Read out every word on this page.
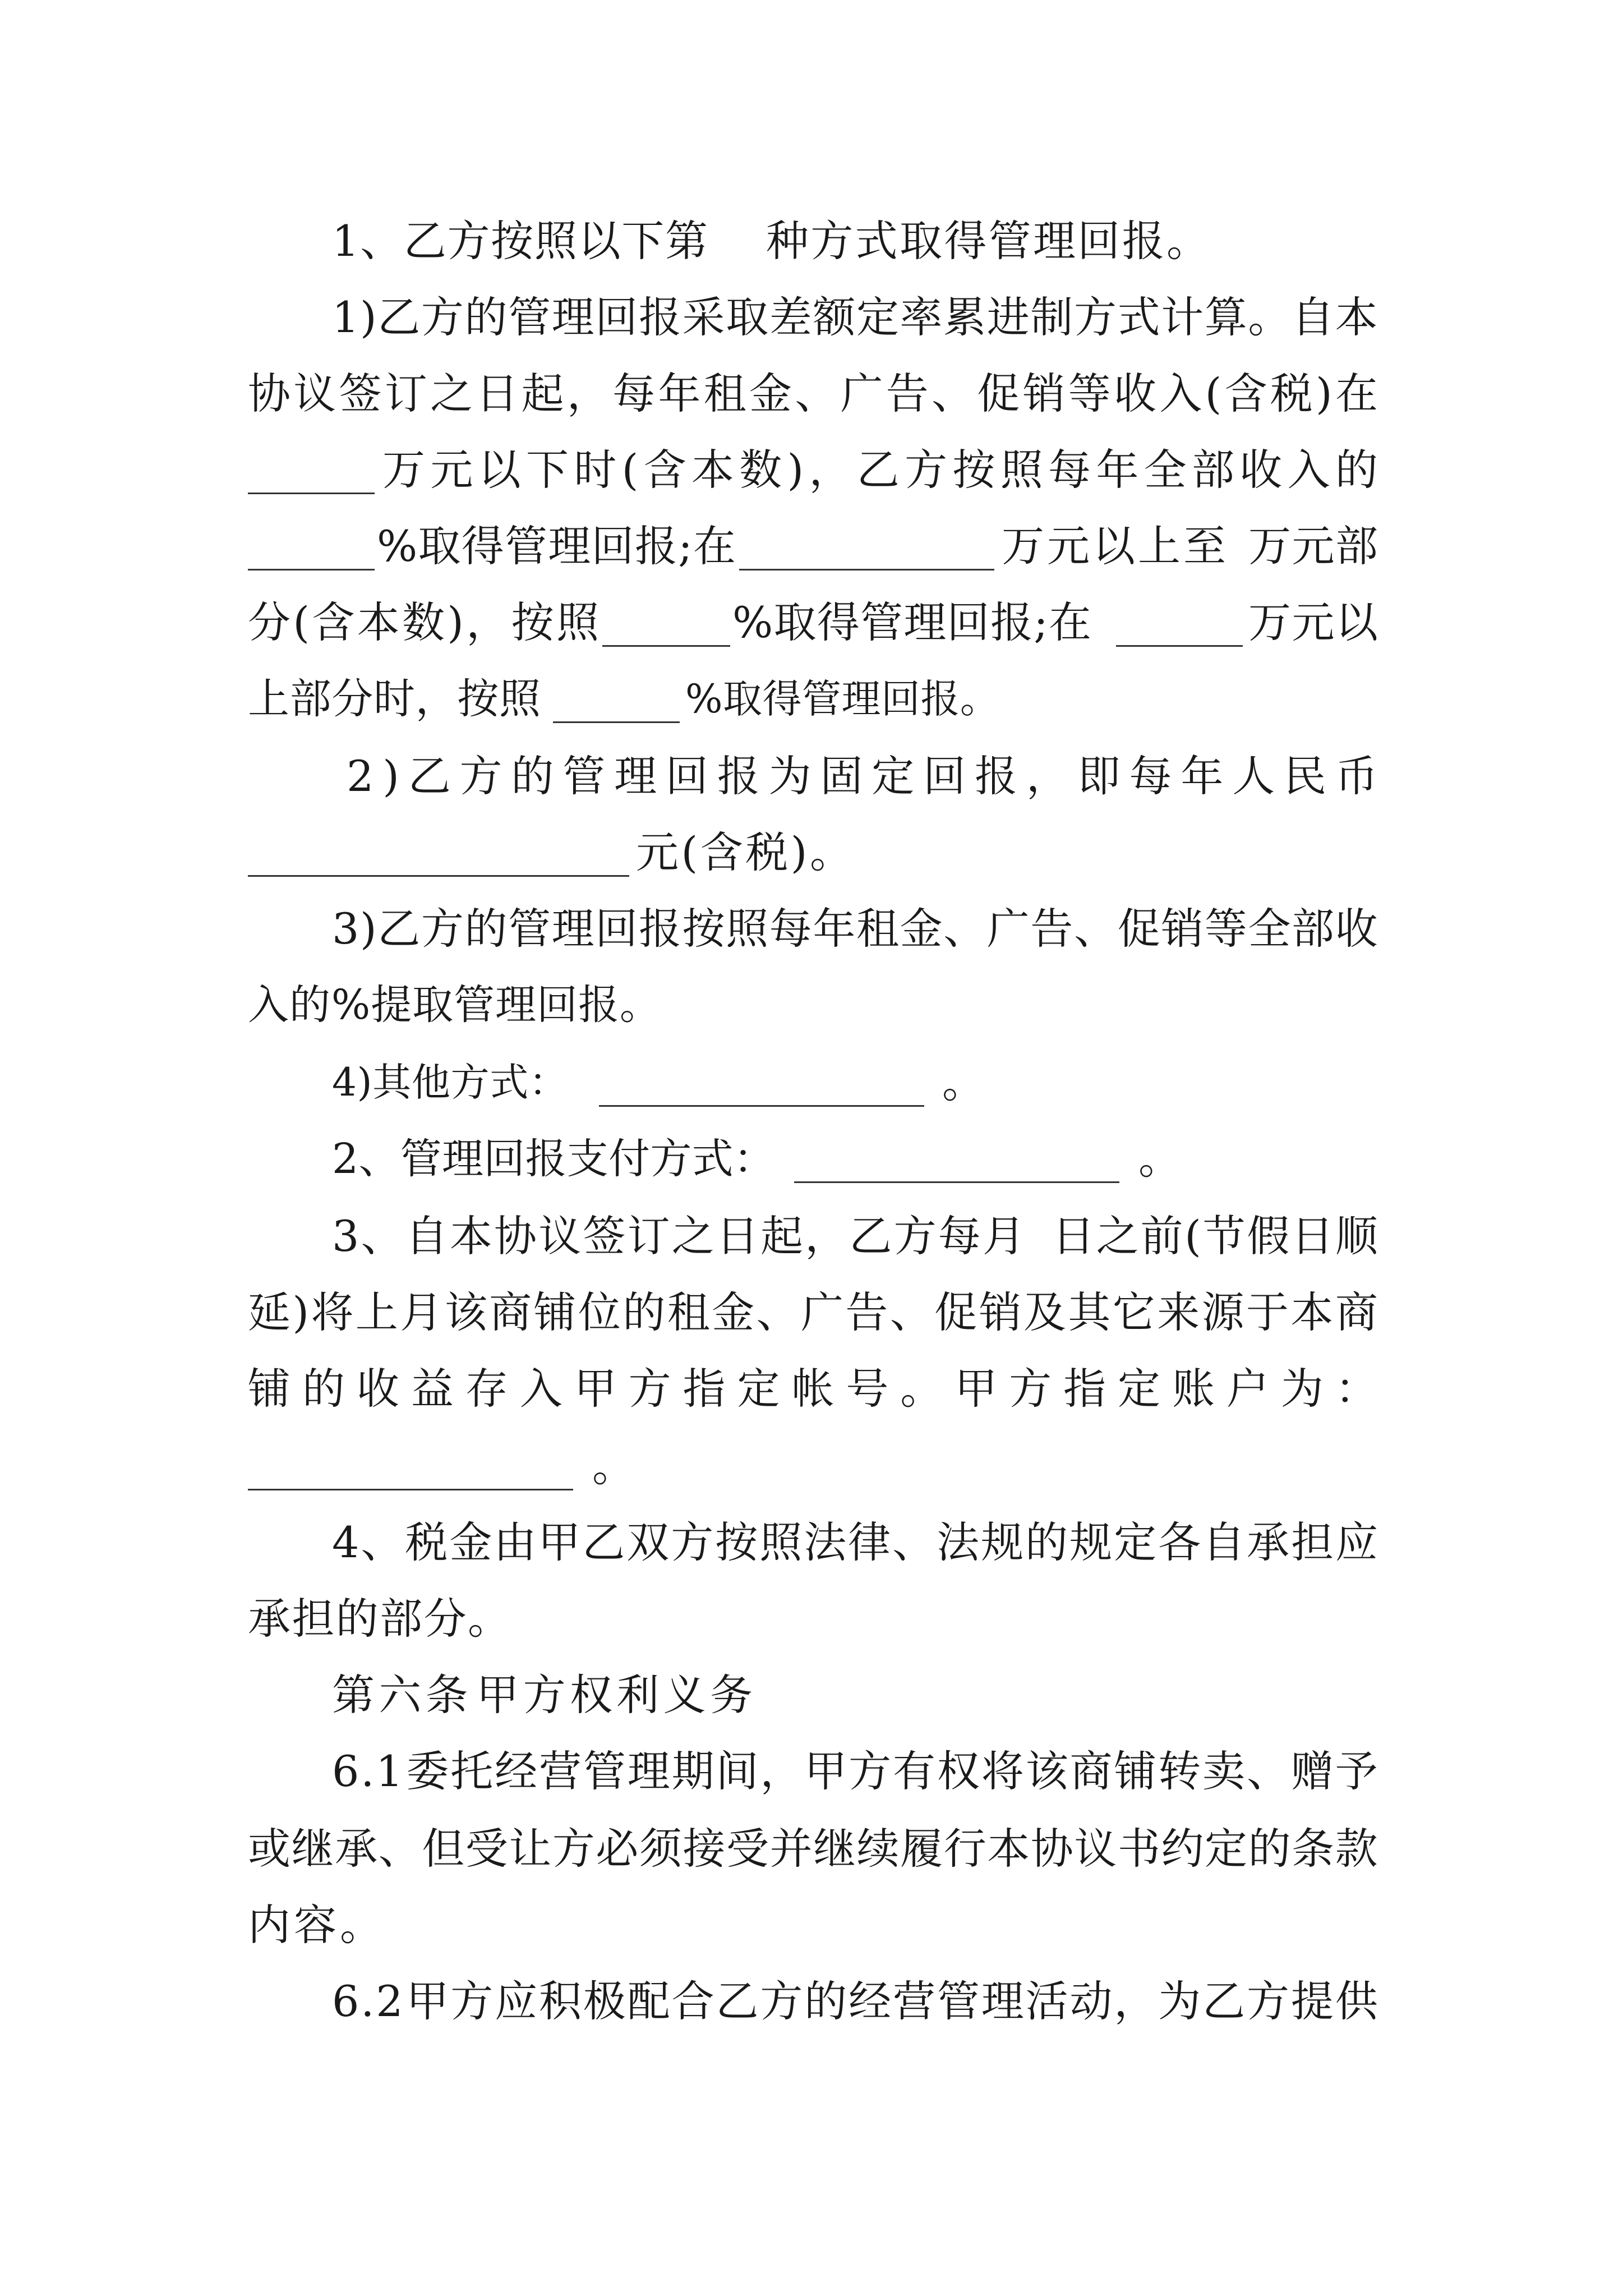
1 、 乙 方 按 照 以 下 第 种 方 式 取 得 管 理 回 报 。
1 ) 乙 方 的 管 理 回 报 采 取 差 额 定 率 累 进 制 方 式 计 算 。 自 本
协 议 签 订 之 日 起 ， 每 年 租 金 、 广 告 、 促 销 等 收 入 ( 含 税 ) 在
万 元 以 下 时 ( 含 本 数 ) ， 乙 方 按 照 每 年 全 部 收 入 的
% 取 得 管 理 回 报 ; 在	万 元 以 上 至 万 元 部
分 ( 含 本 数 ) ， 按 照	% 取 得 管 理 回 报 ; 在	万 元 以
上 部 分 时 ， 按 照	% 取 得 管 理 回 报 。
2 ) 乙 方 的 管 理 回 报 为 固 定 回 报 ， 即 每 年 人 民 币
元 ( 含 税 ) 。
3 ) 乙 方 的 管 理 回 报 按 照 每 年 租 金 、 广 告 、 促 销 等 全 部 收
入 的 % 提 取 管 理 回 报 。
4 ) 其 他 方 式 ：	。
2 、 管 理 回 报 支 付 方 式 ：	。
3 、 自 本 协 议 签 订 之 日 起 ， 乙 方 每 月 日 之 前 ( 节 假 日 顺
延 ) 将 上 月 该 商 铺 位 的 租 金 、 广 告 、 促 销 及 其 它 来 源 于 本 商
铺 的 收 益 存 入 甲 方 指 定 帐 号 。 甲 方 指 定 账 户 为 ：
。
4 、 税 金 由 甲 乙 双 方 按 照 法 律 、 法 规 的 规 定 各 自 承 担 应
承 担 的 部 分 。
第 六 条 甲 方 权 利 义 务
6 . 1 委 托 经 营 管 理 期 间 ， 甲 方 有 权 将 该 商 铺 转 卖 、 赠 予
或 继 承 、 但 受 让 方 必 须 接 受 并 继 续 履 行 本 协 议 书 约 定 的 条 款
内 容 。
6 . 2 甲 方 应 积 极 配 合 乙 方 的 经 营 管 理 活 动 ， 为 乙 方 提 供
